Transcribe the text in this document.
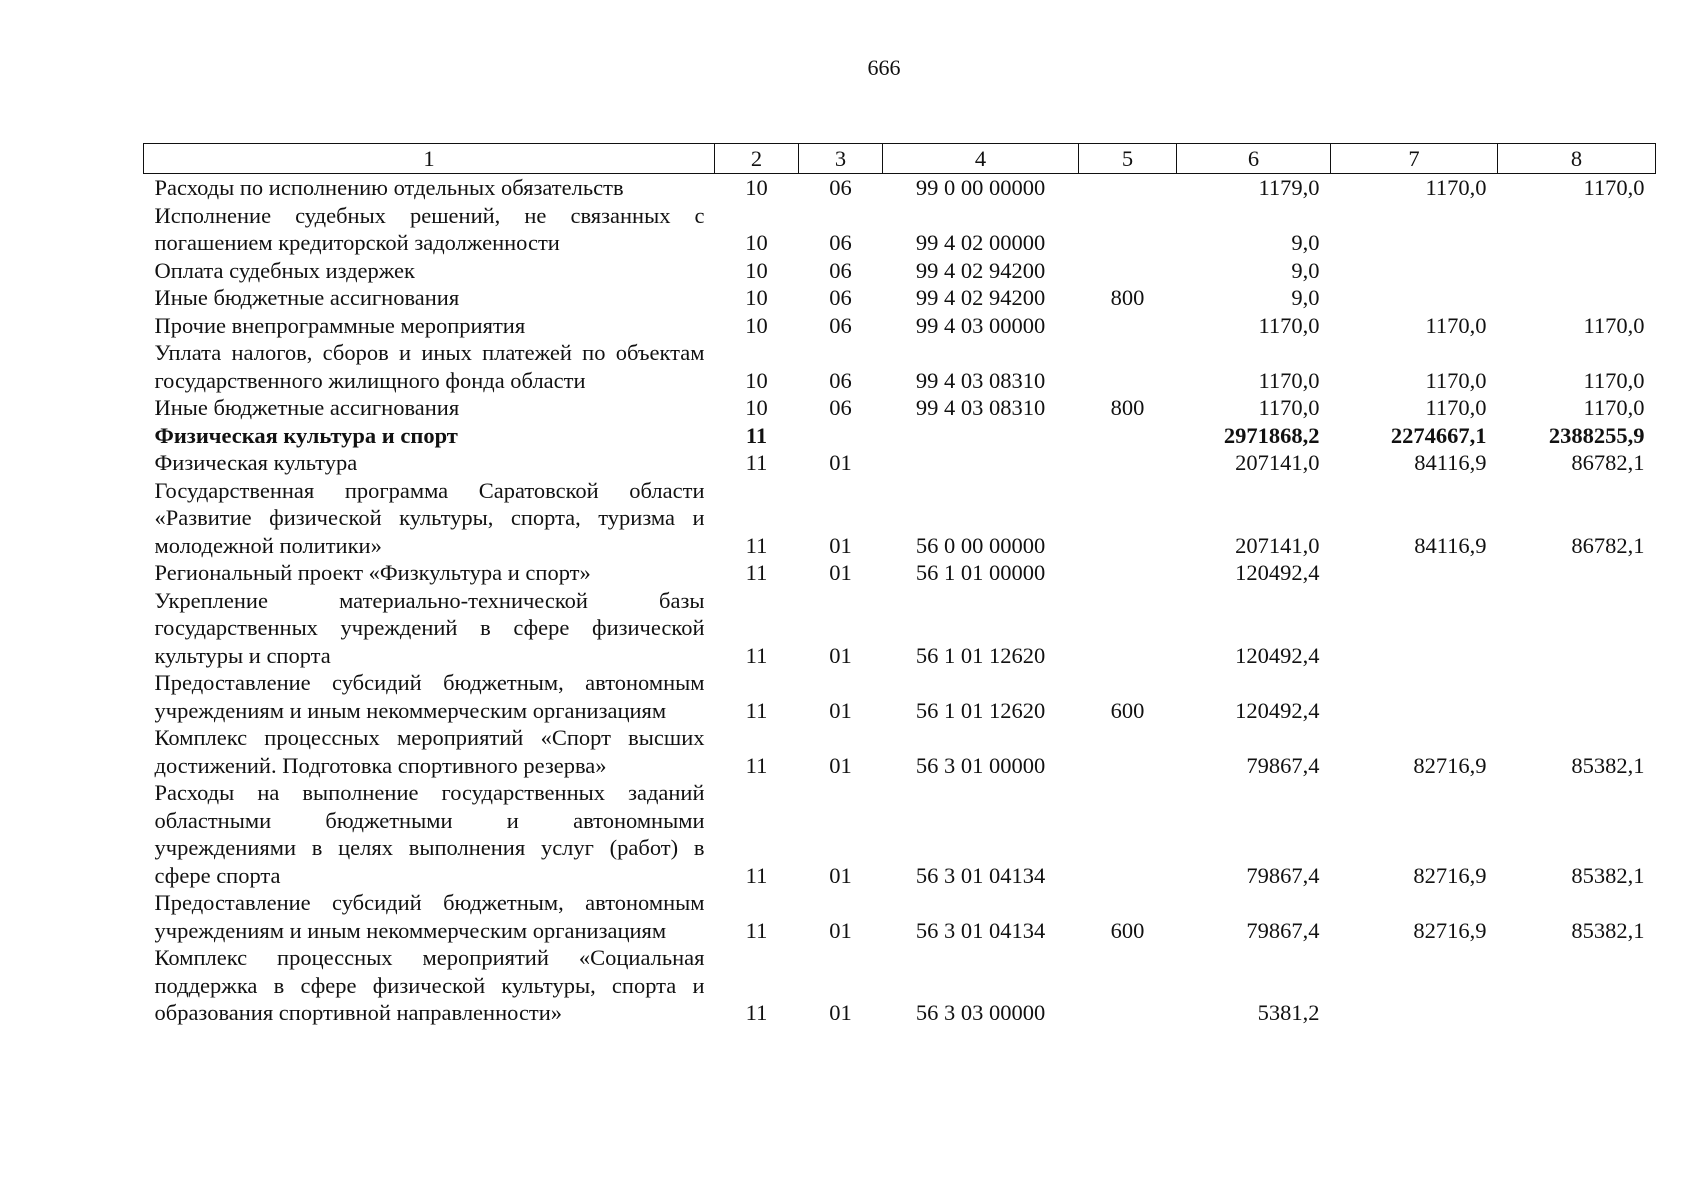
666
1	2	3	4	5	6	7	8
Расходы по исполнению отдельных обязательств	10	06	99 0 00 00000		1179,0	1170,0	1170,0
Исполнение судебных решений, не связанных с погашением кредиторской задолженности	10	06	99 4 02 00000		9,0		
Оплата судебных издержек	10	06	99 4 02 94200		9,0		
Иные бюджетные ассигнования	10	06	99 4 02 94200	800	9,0		
Прочие внепрограммные мероприятия	10	06	99 4 03 00000		1170,0	1170,0	1170,0
Уплата налогов, сборов и иных платежей по объектам государственного жилищного фонда области	10	06	99 4 03 08310		1170,0	1170,0	1170,0
Иные бюджетные ассигнования	10	06	99 4 03 08310	800	1170,0	1170,0	1170,0
Физическая культура и спорт	11				2971868,2	2274667,1	2388255,9
Физическая культура	11	01			207141,0	84116,9	86782,1
Государственная программа Саратовской области «Развитие физической культуры, спорта, туризма и молодежной политики»	11	01	56 0 00 00000		207141,0	84116,9	86782,1
Региональный проект «Физкультура и спорт»	11	01	56 1 01 00000		120492,4		
Укрепление материально-технической базы государственных учреждений в сфере физической культуры и спорта	11	01	56 1 01 12620		120492,4		
Предоставление субсидий бюджетным, автономным учреждениям и иным некоммерческим организациям	11	01	56 1 01 12620	600	120492,4		
Комплекс процессных мероприятий «Спорт высших достижений. Подготовка спортивного резерва»	11	01	56 3 01 00000		79867,4	82716,9	85382,1
Расходы на выполнение государственных заданий областными бюджетными и автономными учреждениями в целях выполнения услуг (работ) в сфере спорта	11	01	56 3 01 04134		79867,4	82716,9	85382,1
Предоставление субсидий бюджетным, автономным учреждениям и иным некоммерческим организациям	11	01	56 3 01 04134	600	79867,4	82716,9	85382,1
Комплекс процессных мероприятий «Социальная поддержка в сфере физической культуры, спорта и образования спортивной направленности»	11	01	56 3 03 00000		5381,2		
